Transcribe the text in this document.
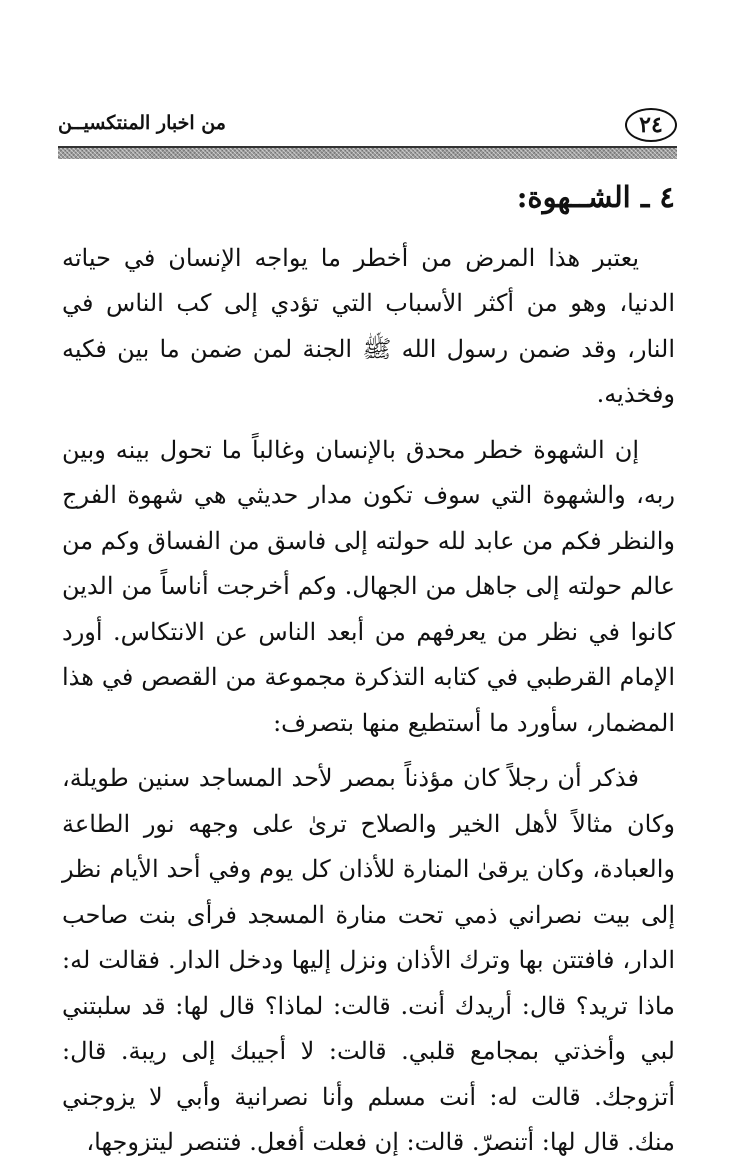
٢٤
من اخبار المنتكسيــن
٤ ـ الشــهوة:

يعتبر هذا المرض من أخطر ما يواجه الإنسان في حياته الدنيا، وهو من أكثر الأسباب التي تؤدي إلى كب الناس في النار، وقد ضمن رسول الله ﷺ الجنة لمن ضمن ما بين فكيه وفخذيه.

إن الشهوة خطر محدق بالإنسان وغالباً ما تحول بينه وبين ربه، والشهوة التي سوف تكون مدار حديثي هي شهوة الفرج والنظر فكم من عابد لله حولته إلى فاسق من الفساق وكم من عالم حولته إلى جاهل من الجهال. وكم أخرجت أناساً من الدين كانوا في نظر من يعرفهم من أبعد الناس عن الانتكاس. أورد الإمام القرطبي في كتابه التذكرة مجموعة من القصص في هذا المضمار، سأورد ما أستطيع منها بتصرف:

فذكر أن رجلاً كان مؤذناً بمصر لأحد المساجد سنين طويلة، وكان مثالاً لأهل الخير والصلاح ترىٰ على وجهه نور الطاعة والعبادة، وكان يرقىٰ المنارة للأذان كل يوم وفي أحد الأيام نظر إلى بيت نصراني ذمي تحت منارة المسجد فرأى بنت صاحب الدار، فافتتن بها وترك الأذان ونزل إليها ودخل الدار. فقالت له: ماذا تريد؟ قال: أريدك أنت. قالت: لماذا؟ قال لها: قد سلبتني لبي وأخذتي بمجامع قلبي. قالت: لا أجيبك إلى ريبة. قال: أتزوجك. قالت له: أنت مسلم وأنا نصرانية وأبي لا يزوجني منك. قال لها: أتنصرّ. قالت: إن فعلت أفعل. فتنصر ليتزوجها،
